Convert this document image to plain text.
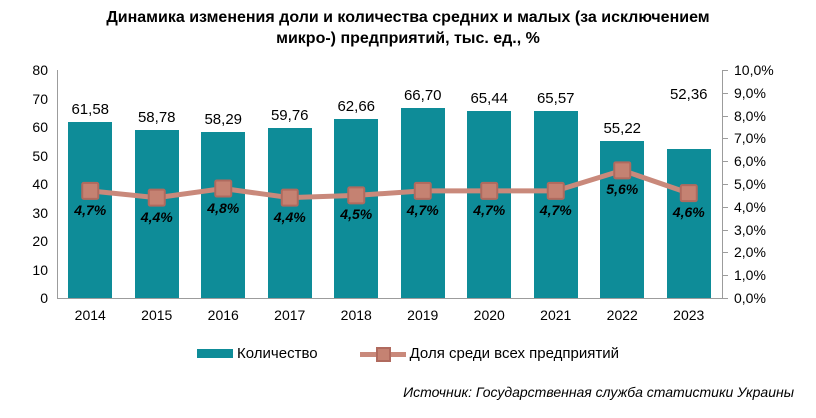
Динамика изменения доли и количества средних и малых (за исключением
микро-) предприятий, тыс. ед., %
0
10
20
30
40
50
60
70
80
0,0%
1,0%
2,0%
3,0%
4,0%
5,0%
6,0%
7,0%
8,0%
9,0%
10,0%
61,58	58,78	58,29	59,76	62,66
66,70	65,44	65,57
55,22
52,36
4,7%	4,4%
4,8%
4,4%	4,5%	4,7%	4,7%	4,7%
5,6%
4,6%
2014	2015	2016	2017	2018	2019	2020	2021	2022	2023
Количество	Доля среди всех предприятий
Источник: Государственная служба статистики Украины
